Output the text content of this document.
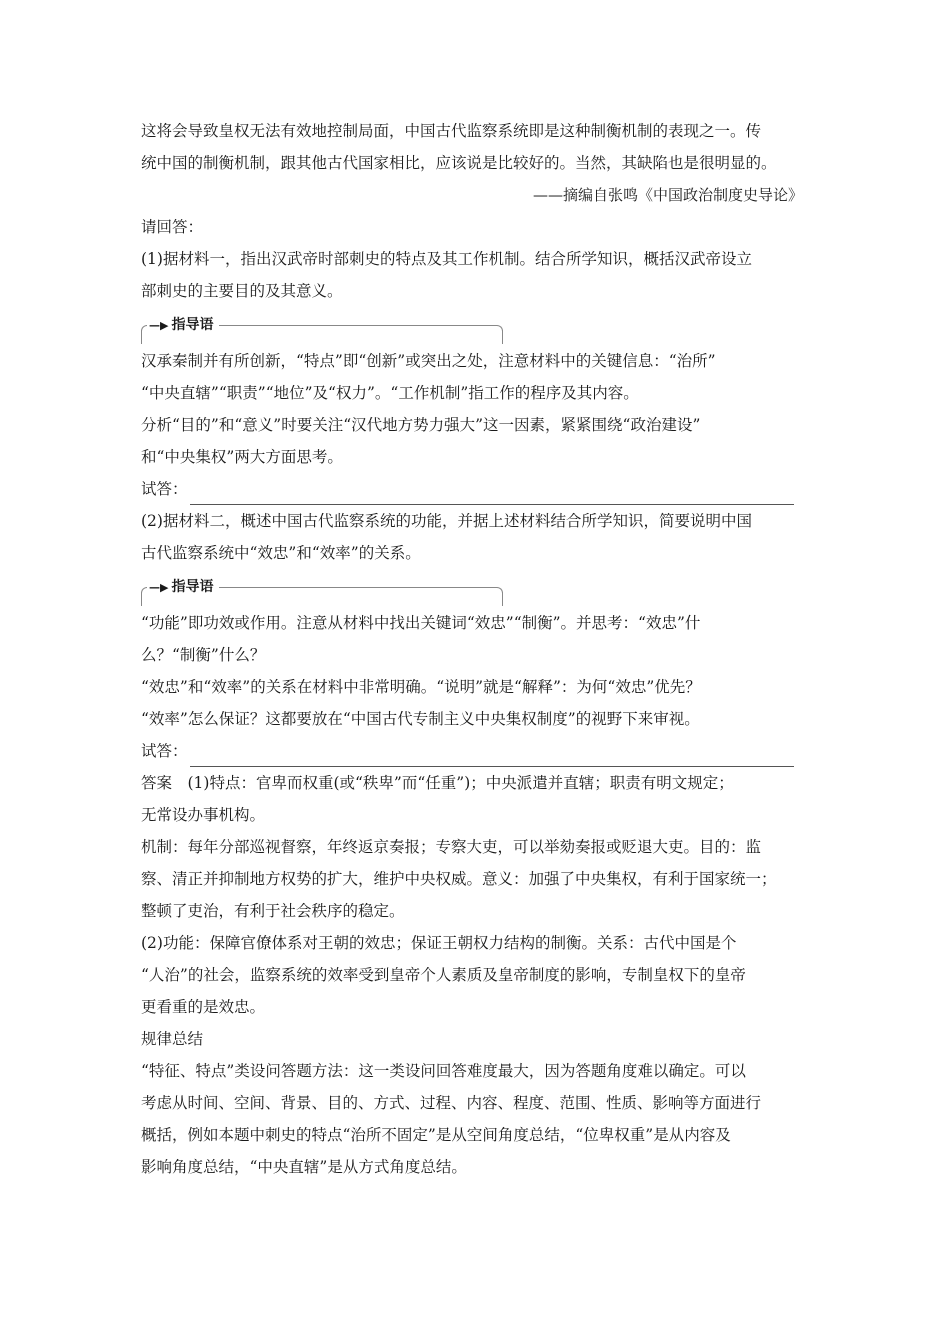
这将会导致皇权无法有效地控制局面，中国古代监察系统即是这种制衡机制的表现之一。传

统中国的制衡机制，跟其他古代国家相比，应该说是比较好的。当然，其缺陷也是很明显的。

——摘编自张鸣《中国政治制度史导论》

请回答：

(1)据材料一，指出汉武帝时部刺史的特点及其工作机制。结合所学知识，概括汉武帝设立

部刺史的主要目的及其意义。

—▶ 指导语

汉承秦制并有所创新，“特点”即“创新”或突出之处，注意材料中的关键信息：“治所”

“中央直辖”“职责”“地位”及“权力”。“工作机制”指工作的程序及其内容。

分析“目的”和“意义”时要关注“汉代地方势力强大”这一因素，紧紧围绕“政治建设”

和“中央集权”两大方面思考。

试答：

(2)据材料二，概述中国古代监察系统的功能，并据上述材料结合所学知识，简要说明中国

古代监察系统中“效忠”和“效率”的关系。

—▶ 指导语

“功能”即功效或作用。注意从材料中找出关键词“效忠”“制衡”。并思考：“效忠”什

么？“制衡”什么？

“效忠”和“效率”的关系在材料中非常明确。“说明”就是“解释”：为何“效忠”优先？

“效率”怎么保证？这都要放在“中国古代专制主义中央集权制度”的视野下来审视。

试答：

答案　(1)特点：官卑而权重(或“秩卑”而“任重”)；中央派遣并直辖；职责有明文规定；

无常设办事机构。

机制：每年分部巡视督察，年终返京奏报；专察大吏，可以举劾奏报或贬退大吏。目的：监

察、清正并抑制地方权势的扩大，维护中央权威。意义：加强了中央集权，有利于国家统一；

整顿了吏治，有利于社会秩序的稳定。

(2)功能：保障官僚体系对王朝的效忠；保证王朝权力结构的制衡。关系：古代中国是个

“人治”的社会，监察系统的效率受到皇帝个人素质及皇帝制度的影响，专制皇权下的皇帝

更看重的是效忠。

规律总结

“特征、特点”类设问答题方法：这一类设问回答难度最大，因为答题角度难以确定。可以

考虑从时间、空间、背景、目的、方式、过程、内容、程度、范围、性质、影响等方面进行

概括，例如本题中刺史的特点“治所不固定”是从空间角度总结，“位卑权重”是从内容及

影响角度总结，“中央直辖”是从方式角度总结。
